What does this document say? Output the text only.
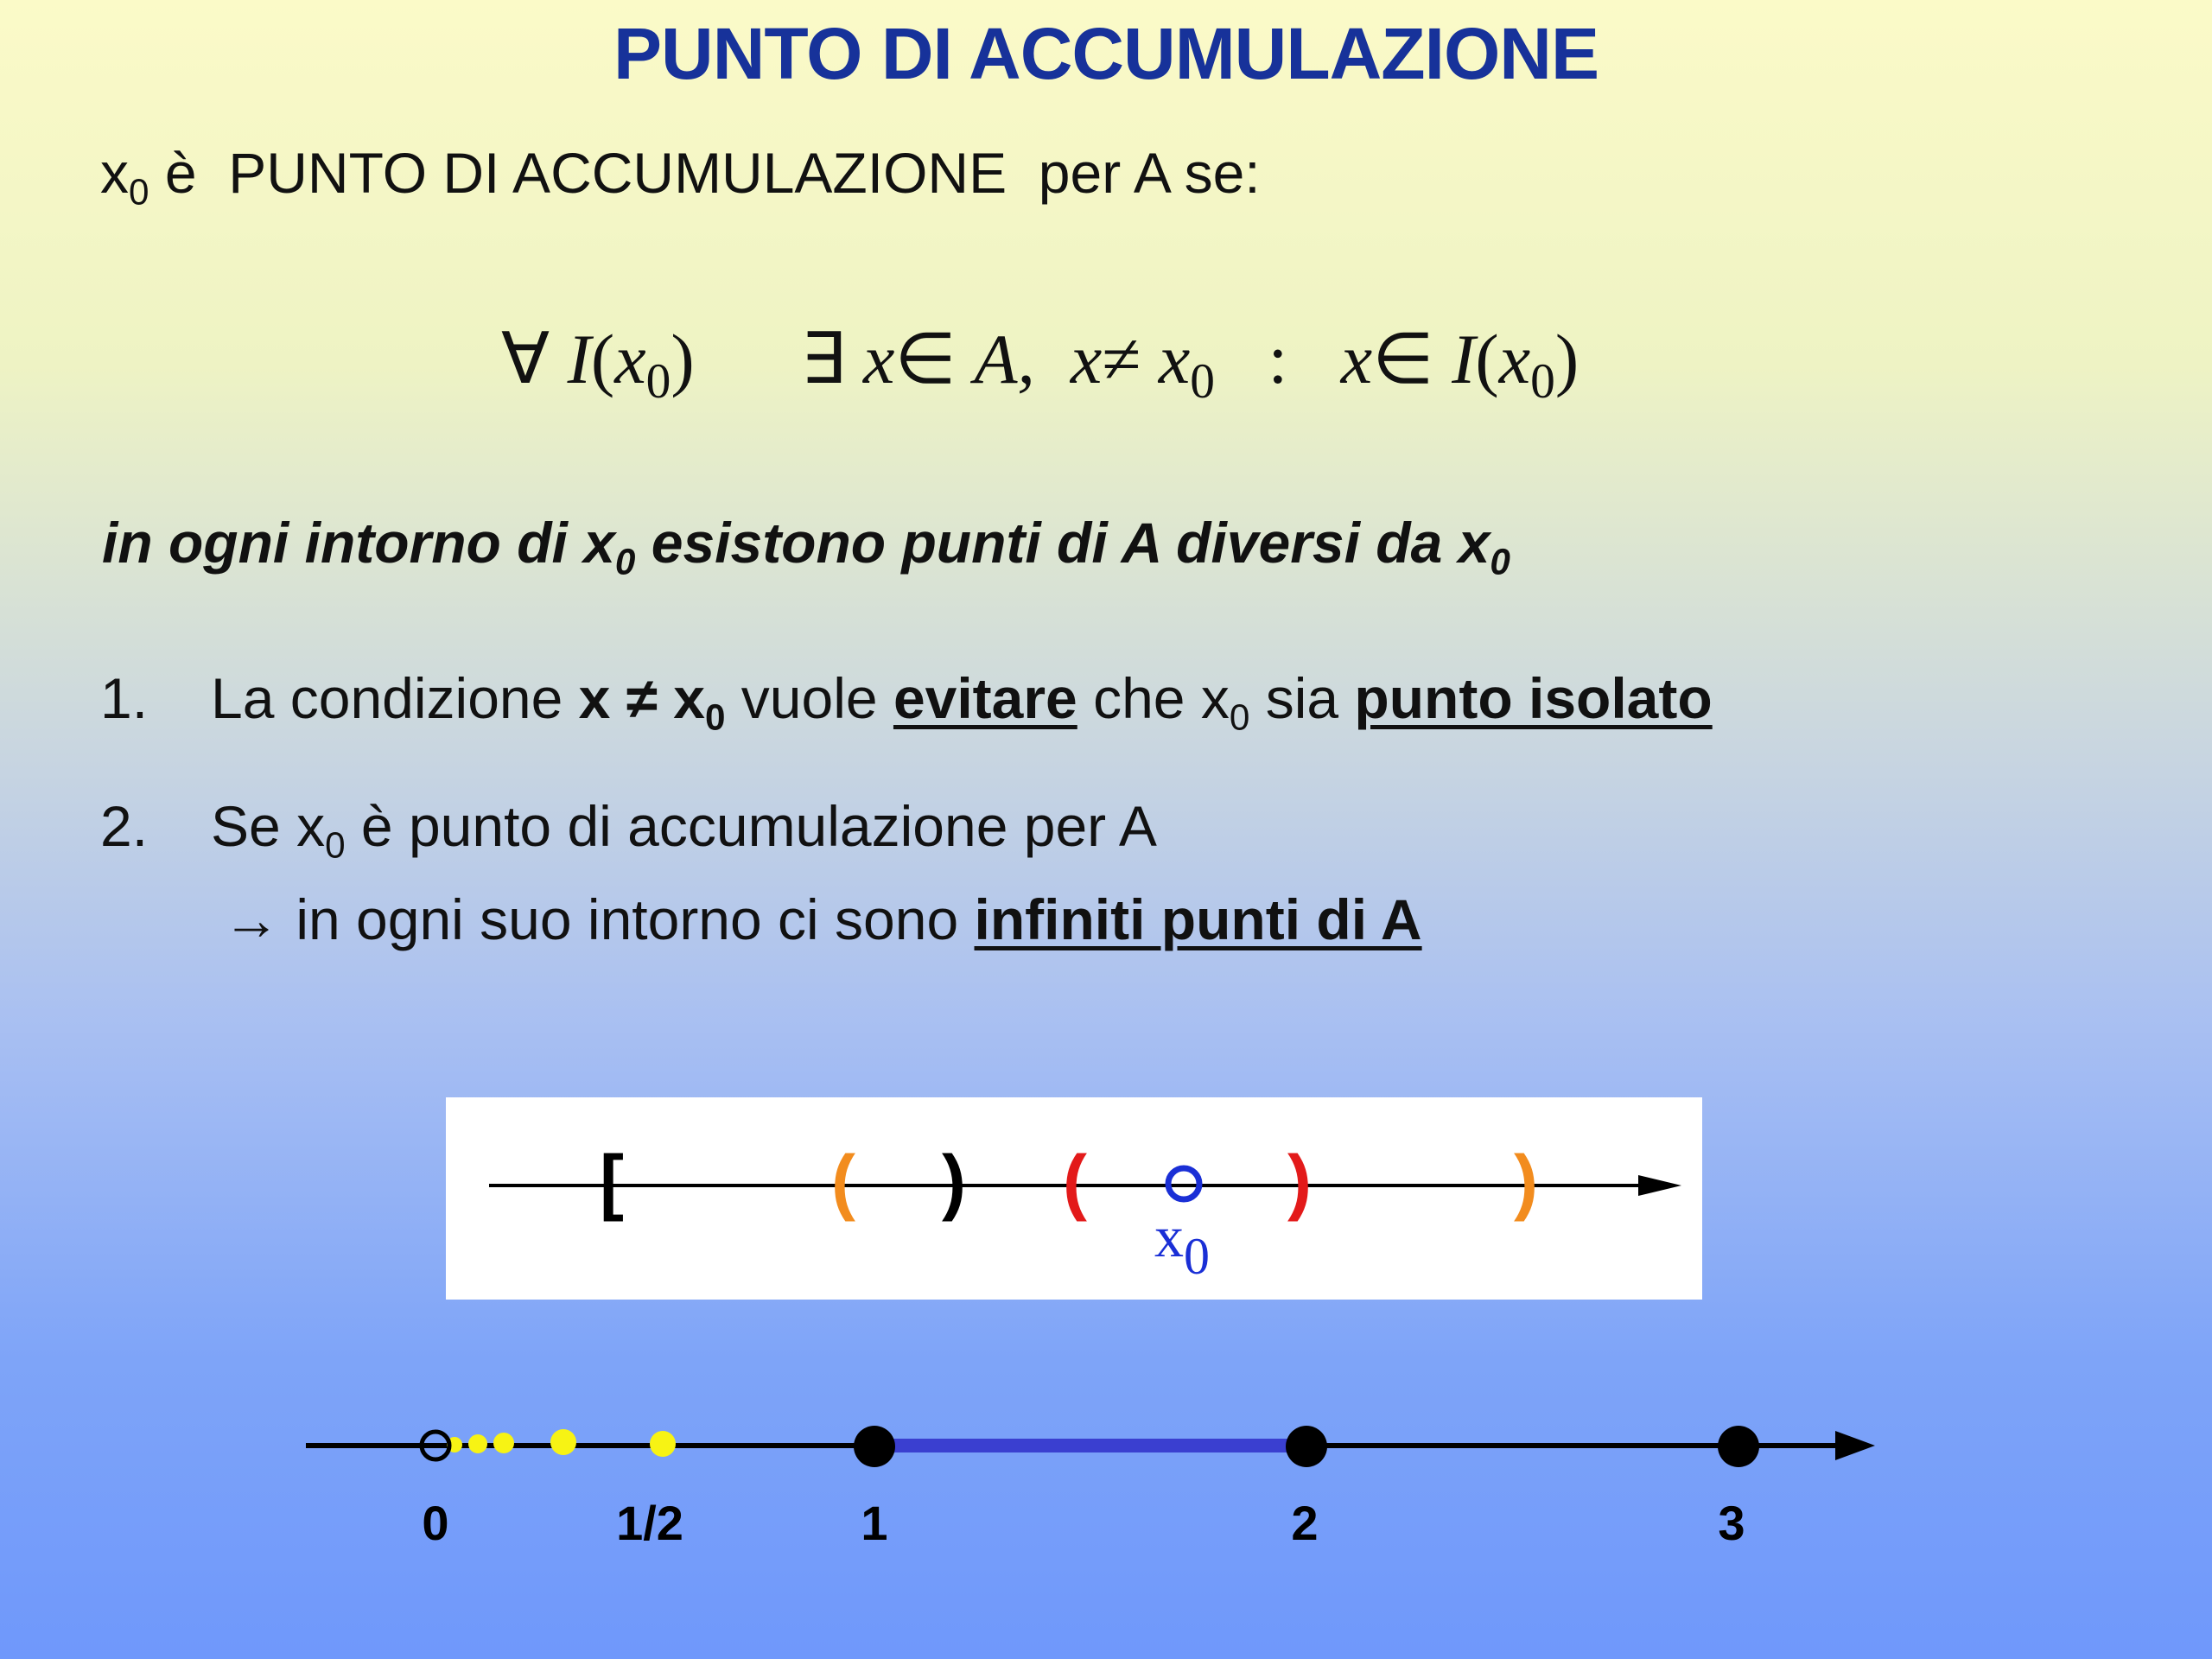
PUNTO DI ACCUMULAZIONE
$x_0$ è  PUNTO DI ACCUMULAZIONE  per A se:
∀ $I(x_0)$ ∃ x∈ A, $x\ne x_0$ : x∈ $I(x_0)$
in ogni intorno di $x_0$ esistono punti di A diversi da $x_0$
1. La condizione $x \ne x_0$ vuole evitare che $x_0$ sia punto isolato
2. Se $x_0$ è punto di accumulazione per A
→ in ogni suo intorno ci sono infiniti punti di A
[	( ) (	)	)
x0
0	1/2	1	2	3
